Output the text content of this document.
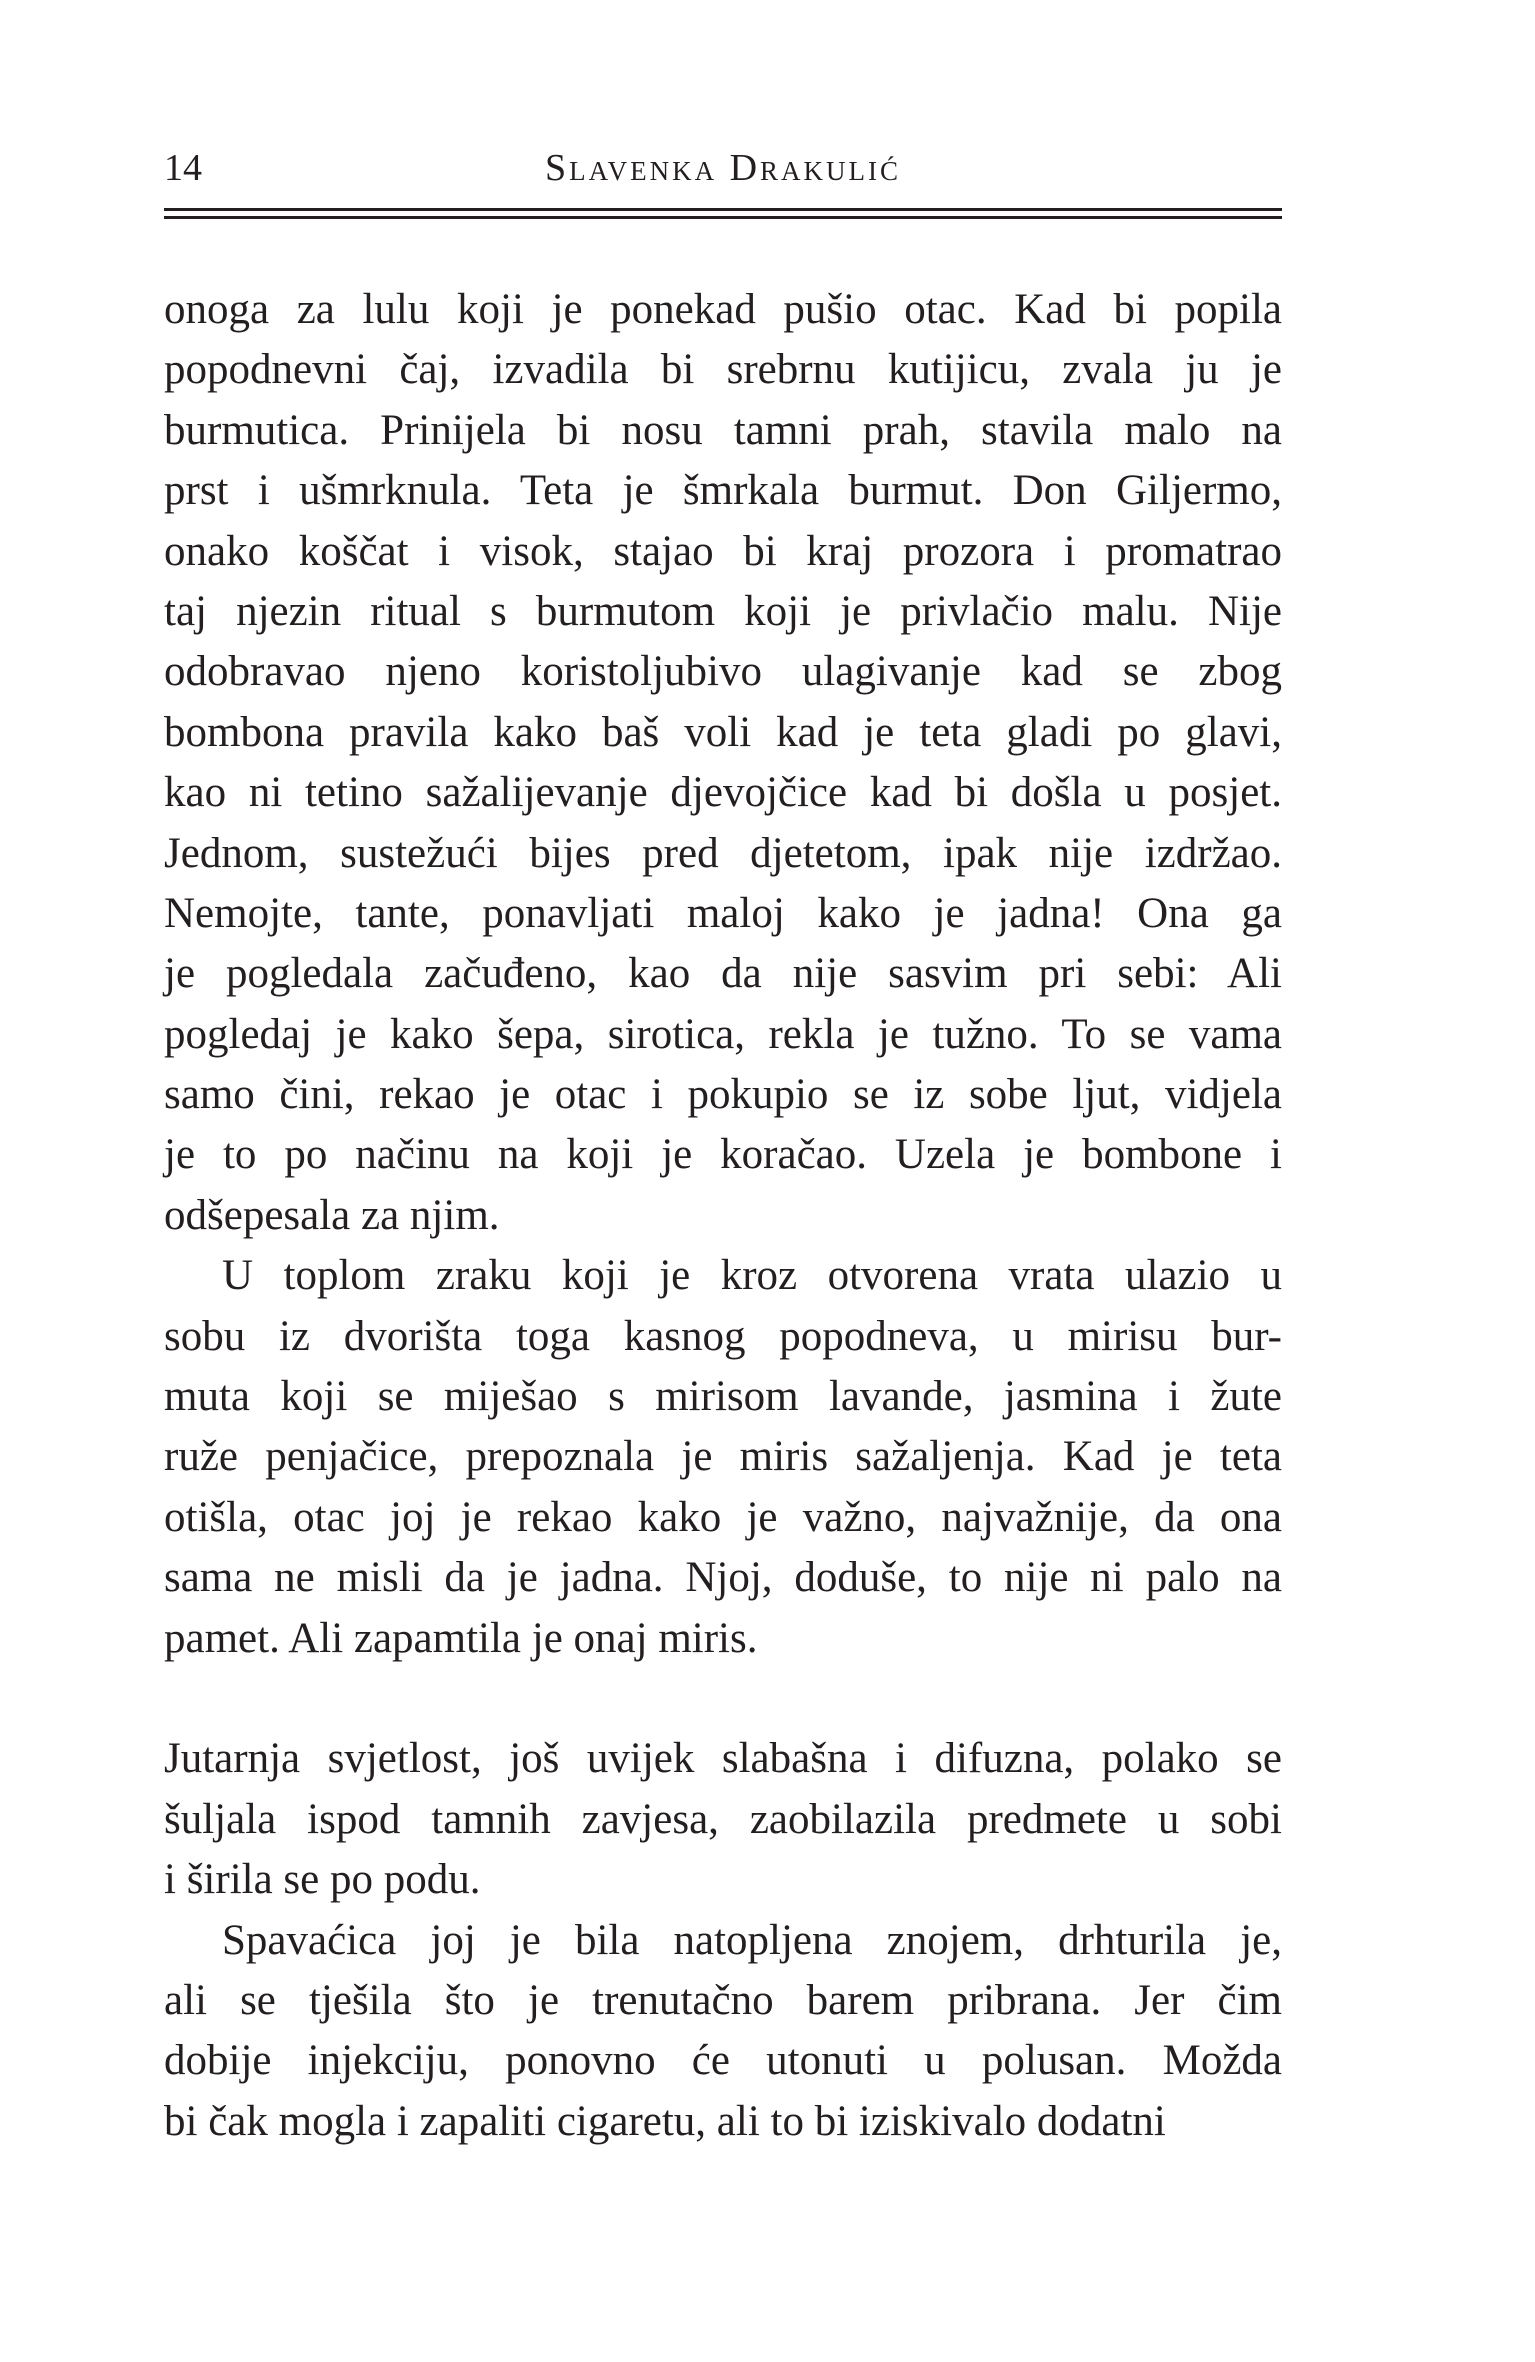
14	Slavenka Drakulić
onoga za lulu koji je ponekad pušio otac. Kad bi popila
popodnevni čaj, izvadila bi srebrnu kutijicu, zvala ju je
burmutica. Prinijela bi nosu tamni prah, stavila malo na
prst i ušmrknula. Teta je šmrkala burmut. Don Giljermo,
onako koščat i visok, stajao bi kraj prozora i promatrao
taj njezin ritual s burmutom koji je privlačio malu. Nije
odobravao njeno koristoljubivo ulagivanje kad se zbog
bombona pravila kako baš voli kad je teta gladi po glavi,
kao ni tetino sažalijevanje djevojčice kad bi došla u posjet.
Jednom, sustežući bijes pred djetetom, ipak nije izdržao.
Nemojte, tante, ponavljati maloj kako je jadna! Ona ga
je pogledala začuđeno, kao da nije sasvim pri sebi: Ali
pogledaj je kako šepa, sirotica, rekla je tužno. To se vama
samo čini, rekao je otac i pokupio se iz sobe ljut, vidjela
je to po načinu na koji je koračao. Uzela je bombone i
odšepesala za njim.
U toplom zraku koji je kroz otvorena vrata ulazio u
sobu iz dvorišta toga kasnog popodneva, u mirisu bur-
muta koji se miješao s mirisom lavande, jasmina i žute
ruže penjačice, prepoznala je miris sažaljenja. Kad je teta
otišla, otac joj je rekao kako je važno, najvažnije, da ona
sama ne misli da je jadna. Njoj, doduše, to nije ni palo na
pamet. Ali zapamtila je onaj miris.
Jutarnja svjetlost, još uvijek slabašna i difuzna, polako se
šuljala ispod tamnih zavjesa, zaobilazila predmete u sobi
i širila se po podu.
Spavaćica joj je bila natopljena znojem, drhturila je,
ali se tješila što je trenutačno barem pribrana. Jer čim
dobije injekciju, ponovno će utonuti u polusan. Možda
bi čak mogla i zapaliti cigaretu, ali to bi iziskivalo dodatni
